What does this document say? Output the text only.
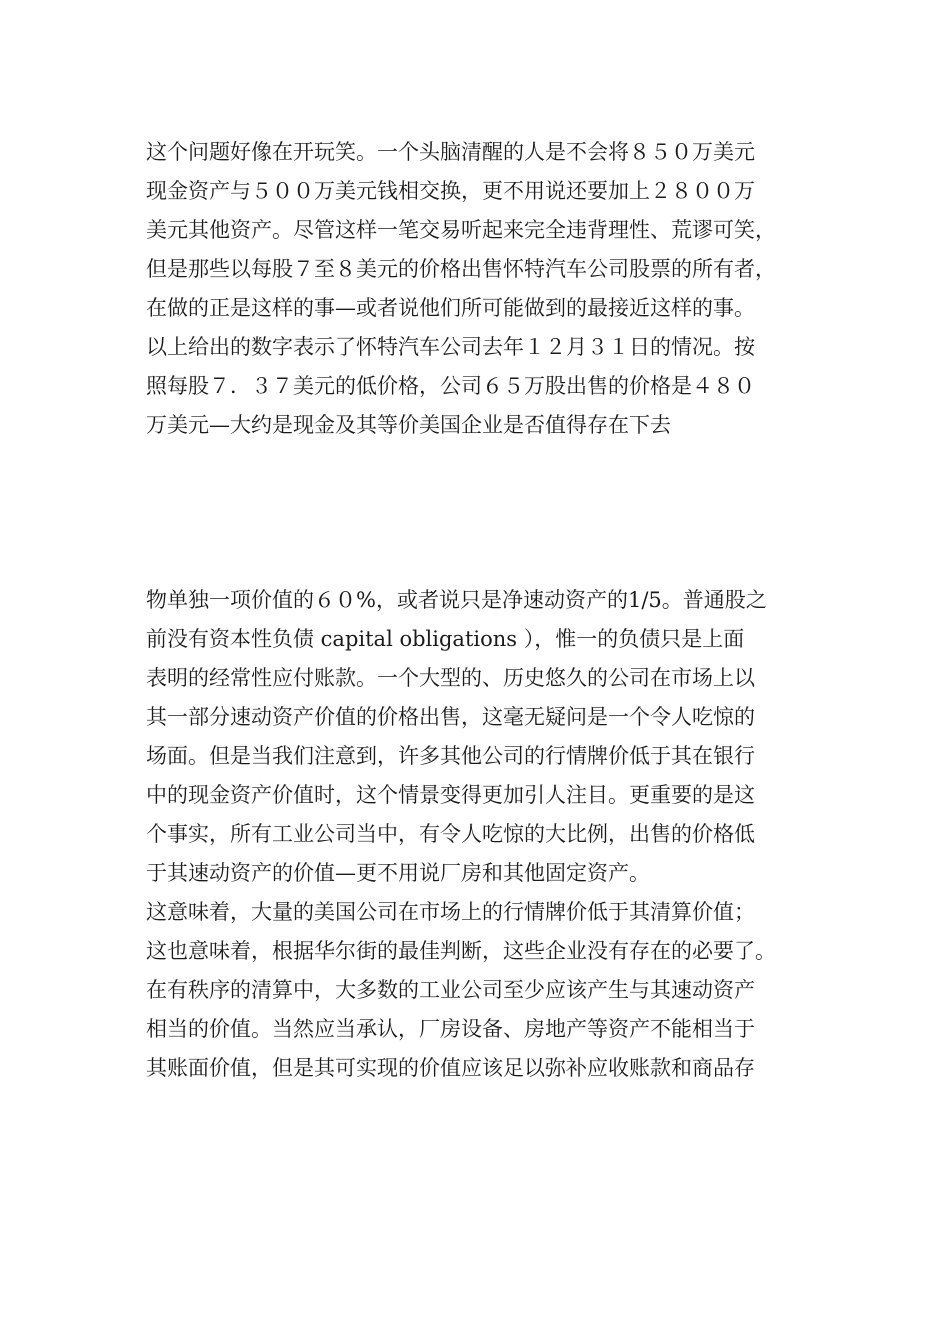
这个问题好像在开玩笑。一个头脑清醒的人是不会将８５０万美元
现金资产与５００万美元钱相交换，更不用说还要加上２８００万
美元其他资产。尽管这样一笔交易听起来完全违背理性、荒谬可笑，
但是那些以每股７至８美元的价格出售怀特汽车公司股票的所有者，
在做的正是这样的事—或者说他们所可能做到的最接近这样的事。
以上给出的数字表示了怀特汽车公司去年１２月３１日的情况。按
照每股７．３７美元的低价格，公司６５万股出售的价格是４８０
万美元—大约是现金及其等价美国企业是否值得存在下去
物单独一项价值的６０%，或者说只是净速动资产的1/5。普通股之
前没有资本性负债 capital obligations ），惟一的负债只是上面
表明的经常性应付账款。一个大型的、历史悠久的公司在市场上以
其一部分速动资产价值的价格出售，这毫无疑问是一个令人吃惊的
场面。但是当我们注意到，许多其他公司的行情牌价低于其在银行
中的现金资产价值时，这个情景变得更加引人注目。更重要的是这
个事实，所有工业公司当中，有令人吃惊的大比例，出售的价格低
于其速动资产的价值—更不用说厂房和其他固定资产。
这意味着，大量的美国公司在市场上的行情牌价低于其清算价值；
这也意味着，根据华尔街的最佳判断，这些企业没有存在的必要了。
在有秩序的清算中，大多数的工业公司至少应该产生与其速动资产
相当的价值。当然应当承认，厂房设备、房地产等资产不能相当于
其账面价值，但是其可实现的价值应该足以弥补应收账款和商品存
